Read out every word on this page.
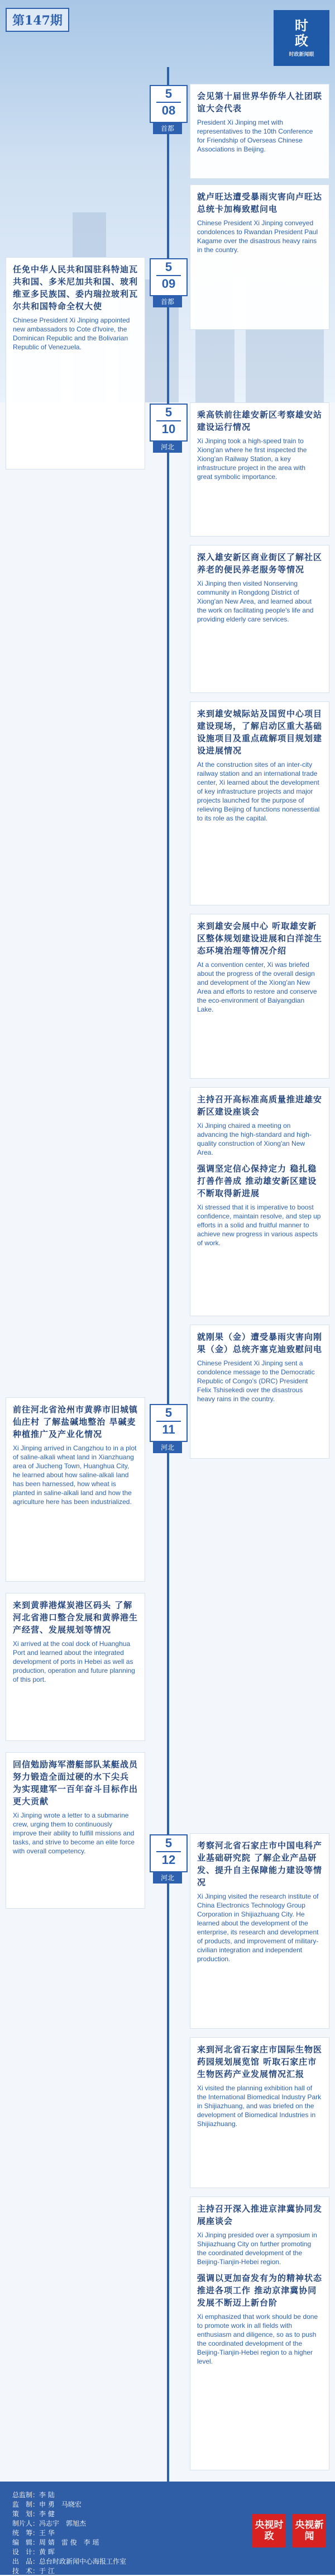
第147期	时
政
时政新闻眼
5
08
首都
5
09
首都
5
10
河北
5
11
河北
5
12
河北
会见第十届世界华侨华人社团联谊大会代表
President Xi Jinping met with representatives to the 10th Conference for Friendship of Overseas Chinese Associations in Beijing.
就卢旺达遭受暴雨灾害向卢旺达总统卡加梅致慰问电
Chinese President Xi Jinping conveyed condolences to Rwandan President Paul Kagame over the disastrous heavy rains in the country.
任免中华人民共和国驻科特迪瓦共和国、多米尼加共和国、玻利维亚多民族国、委内瑞拉玻利瓦尔共和国特命全权大使
Chinese President Xi Jinping appointed new ambassadors to Cote d'Ivoire, the Dominican Republic and the Bolivarian Republic of Venezuela.
乘高铁前往雄安新区考察雄安站建设运行情况
Xi Jinping took a high-speed train to Xiong'an where he first inspected the Xiong'an Railway Station, a key infrastructure project in the area with great symbolic importance.
深入雄安新区商业街区了解社区养老的便民养老服务等情况
Xi Jinping then visited Nonserving community in Rongdong District of Xiong'an New Area, and learned about the work on facilitating people's life and providing elderly care services.
来到雄安城际站及国贸中心项目建设现场，了解启动区重大基础设施项目及重点疏解项目规划建设进展情况
At the construction sites of an inter-city railway station and an international trade center, Xi learned about the development of key infrastructure projects and major projects launched for the purpose of relieving Beijing of functions nonessential to its role as the capital.
来到雄安会展中心 听取雄安新区整体规划建设进展和白洋淀生态环境治理等情况介绍
At a convention center, Xi was briefed about the progress of the overall design and development of the Xiong'an New Area and efforts to restore and conserve the eco-environment of Baiyangdian Lake.
主持召开高标准高质量推进雄安新区建设座谈会
Xi Jinping chaired a meeting on advancing the high-standard and high-quality construction of Xiong'an New Area.
强调坚定信心保持定力 稳扎稳打善作善成 推动雄安新区建设不断取得新进展
Xi stressed that it is imperative to boost confidence, maintain resolve, and step up efforts in a solid and fruitful manner to achieve new progress in various aspects of work.
就刚果（金）遭受暴雨灾害向刚果（金）总统齐塞克迪致慰问电
Chinese President Xi Jinping sent a condolence message to the Democratic Republic of Congo's (DRC) President Felix Tshisekedi over the disastrous heavy rains in the country.
前往河北省沧州市黄骅市旧城镇仙庄村 了解盐碱地整治 旱碱麦种植推广及产业化情况
Xi Jinping arrived in Cangzhou to in a plot of saline-alkali wheat land in Xianzhuang area of Jiucheng Town, Huanghua City, he learned about how saline-alkali land has been harnessed, how wheat is planted in saline-alkali land and how the agriculture here has been industrialized.
来到黄骅港煤炭港区码头 了解河北省港口整合发展和黄骅港生产经营、发展规划等情况
Xi arrived at the coal dock of Huanghua Port and learned about the integrated development of ports in Hebei as well as production, operation and future planning of this port.
回信勉励海军潜艇部队某艇战员 努力锻造全面过硬的水下尖兵 为实现建军一百年奋斗目标作出更大贡献
Xi Jinping wrote a letter to a submarine crew, urging them to continuously improve their ability to fulfill missions and tasks, and strive to become an elite force with overall competency.
考察河北省石家庄市中国电科产业基础研究院 了解企业产品研发、提升自主保障能力建设等情况
Xi Jinping visited the research institute of China Electronics Technology Group Corporation in Shijiazhuang City. He learned about the development of the enterprise, its research and development of products, and improvement of military-civilian integration and independent production.
来到河北省石家庄市国际生物医药园规划展览馆 听取石家庄市生物医药产业发展情况汇报
Xi visited the planning exhibition hall of the International Biomedical Industry Park in Shijiazhuang, and was briefed on the development of Biomedical Industries in Shijiazhuang.
主持召开深入推进京津冀协同发展座谈会
Xi Jinping presided over a symposium in Shijiazhuang City on further promoting the coordinated development of the Beijing-Tianjin-Hebei region.
强调以更加奋发有为的精神状态推进各项工作 推动京津冀协同发展不断迈上新台阶
Xi emphasized that work should be done to promote work in all fields with enthusiasm and diligence, so as to push the coordinated development of the Beijing-Tianjin-Hebei region to a higher level.
总监制：李 陆
监　制：申 勇　马晓宏
策　划：李 健
制片人：冯志宇　郭旭杰
统　筹：王 华
编　辑：周 婧　雷 俊　李 瑶
设　计：黄 晖
出　品：总台时政新闻中心海报工作室
技　术：于 江
央视时政
央视新闻
